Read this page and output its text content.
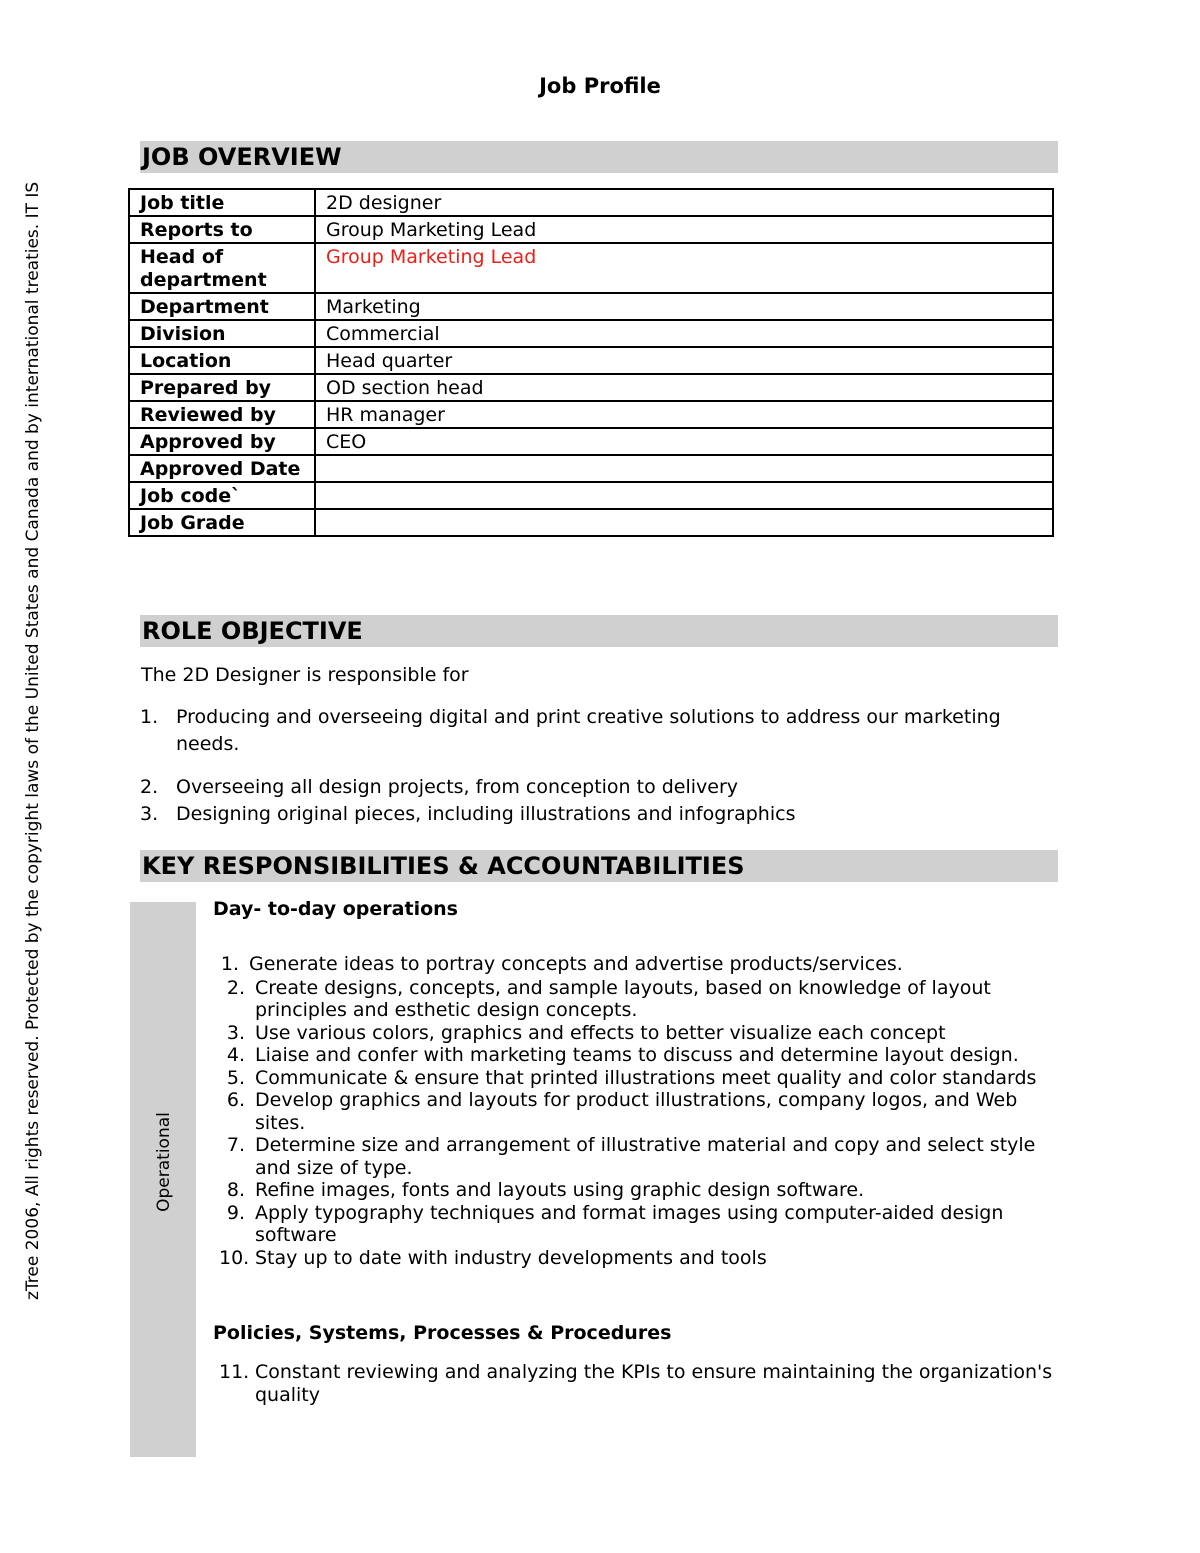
zTree 2006, All rights reserved. Protected by the copyright laws of the United States and Canada and by international treaties. IT IS
Job Profile
JOB OVERVIEW
Job title	2D designer
Reports to	Group Marketing Lead
Head of department	Group Marketing Lead
Department	Marketing
Division	Commercial
Location	Head quarter
Prepared by	OD section head
Reviewed by	HR manager
Approved by	CEO
Approved Date	
Job code`	
Job Grade	
ROLE OBJECTIVE
The 2D Designer is responsible for
1. Producing and overseeing digital and print creative solutions to address our marketing needs.
2. Overseeing all design projects, from conception to delivery
3. Designing original pieces, including illustrations and infographics
KEY RESPONSIBILITIES & ACCOUNTABILITIES
Operational
Day- to-day operations
1. Generate ideas to portray concepts and advertise products/services.
2. Create designs, concepts, and sample layouts, based on knowledge of layout principles and esthetic design concepts.
3. Use various colors, graphics and effects to better visualize each concept
4. Liaise and confer with marketing teams to discuss and determine layout design.
5. Communicate & ensure that printed illustrations meet quality and color standards
6. Develop graphics and layouts for product illustrations, company logos, and Web sites.
7. Determine size and arrangement of illustrative material and copy and select style and size of type.
8. Refine images, fonts and layouts using graphic design software.
9. Apply typography techniques and format images using computer-aided design software
10. Stay up to date with industry developments and tools
Policies, Systems, Processes & Procedures
11. Constant reviewing and analyzing the KPIs to ensure maintaining the organization's quality
